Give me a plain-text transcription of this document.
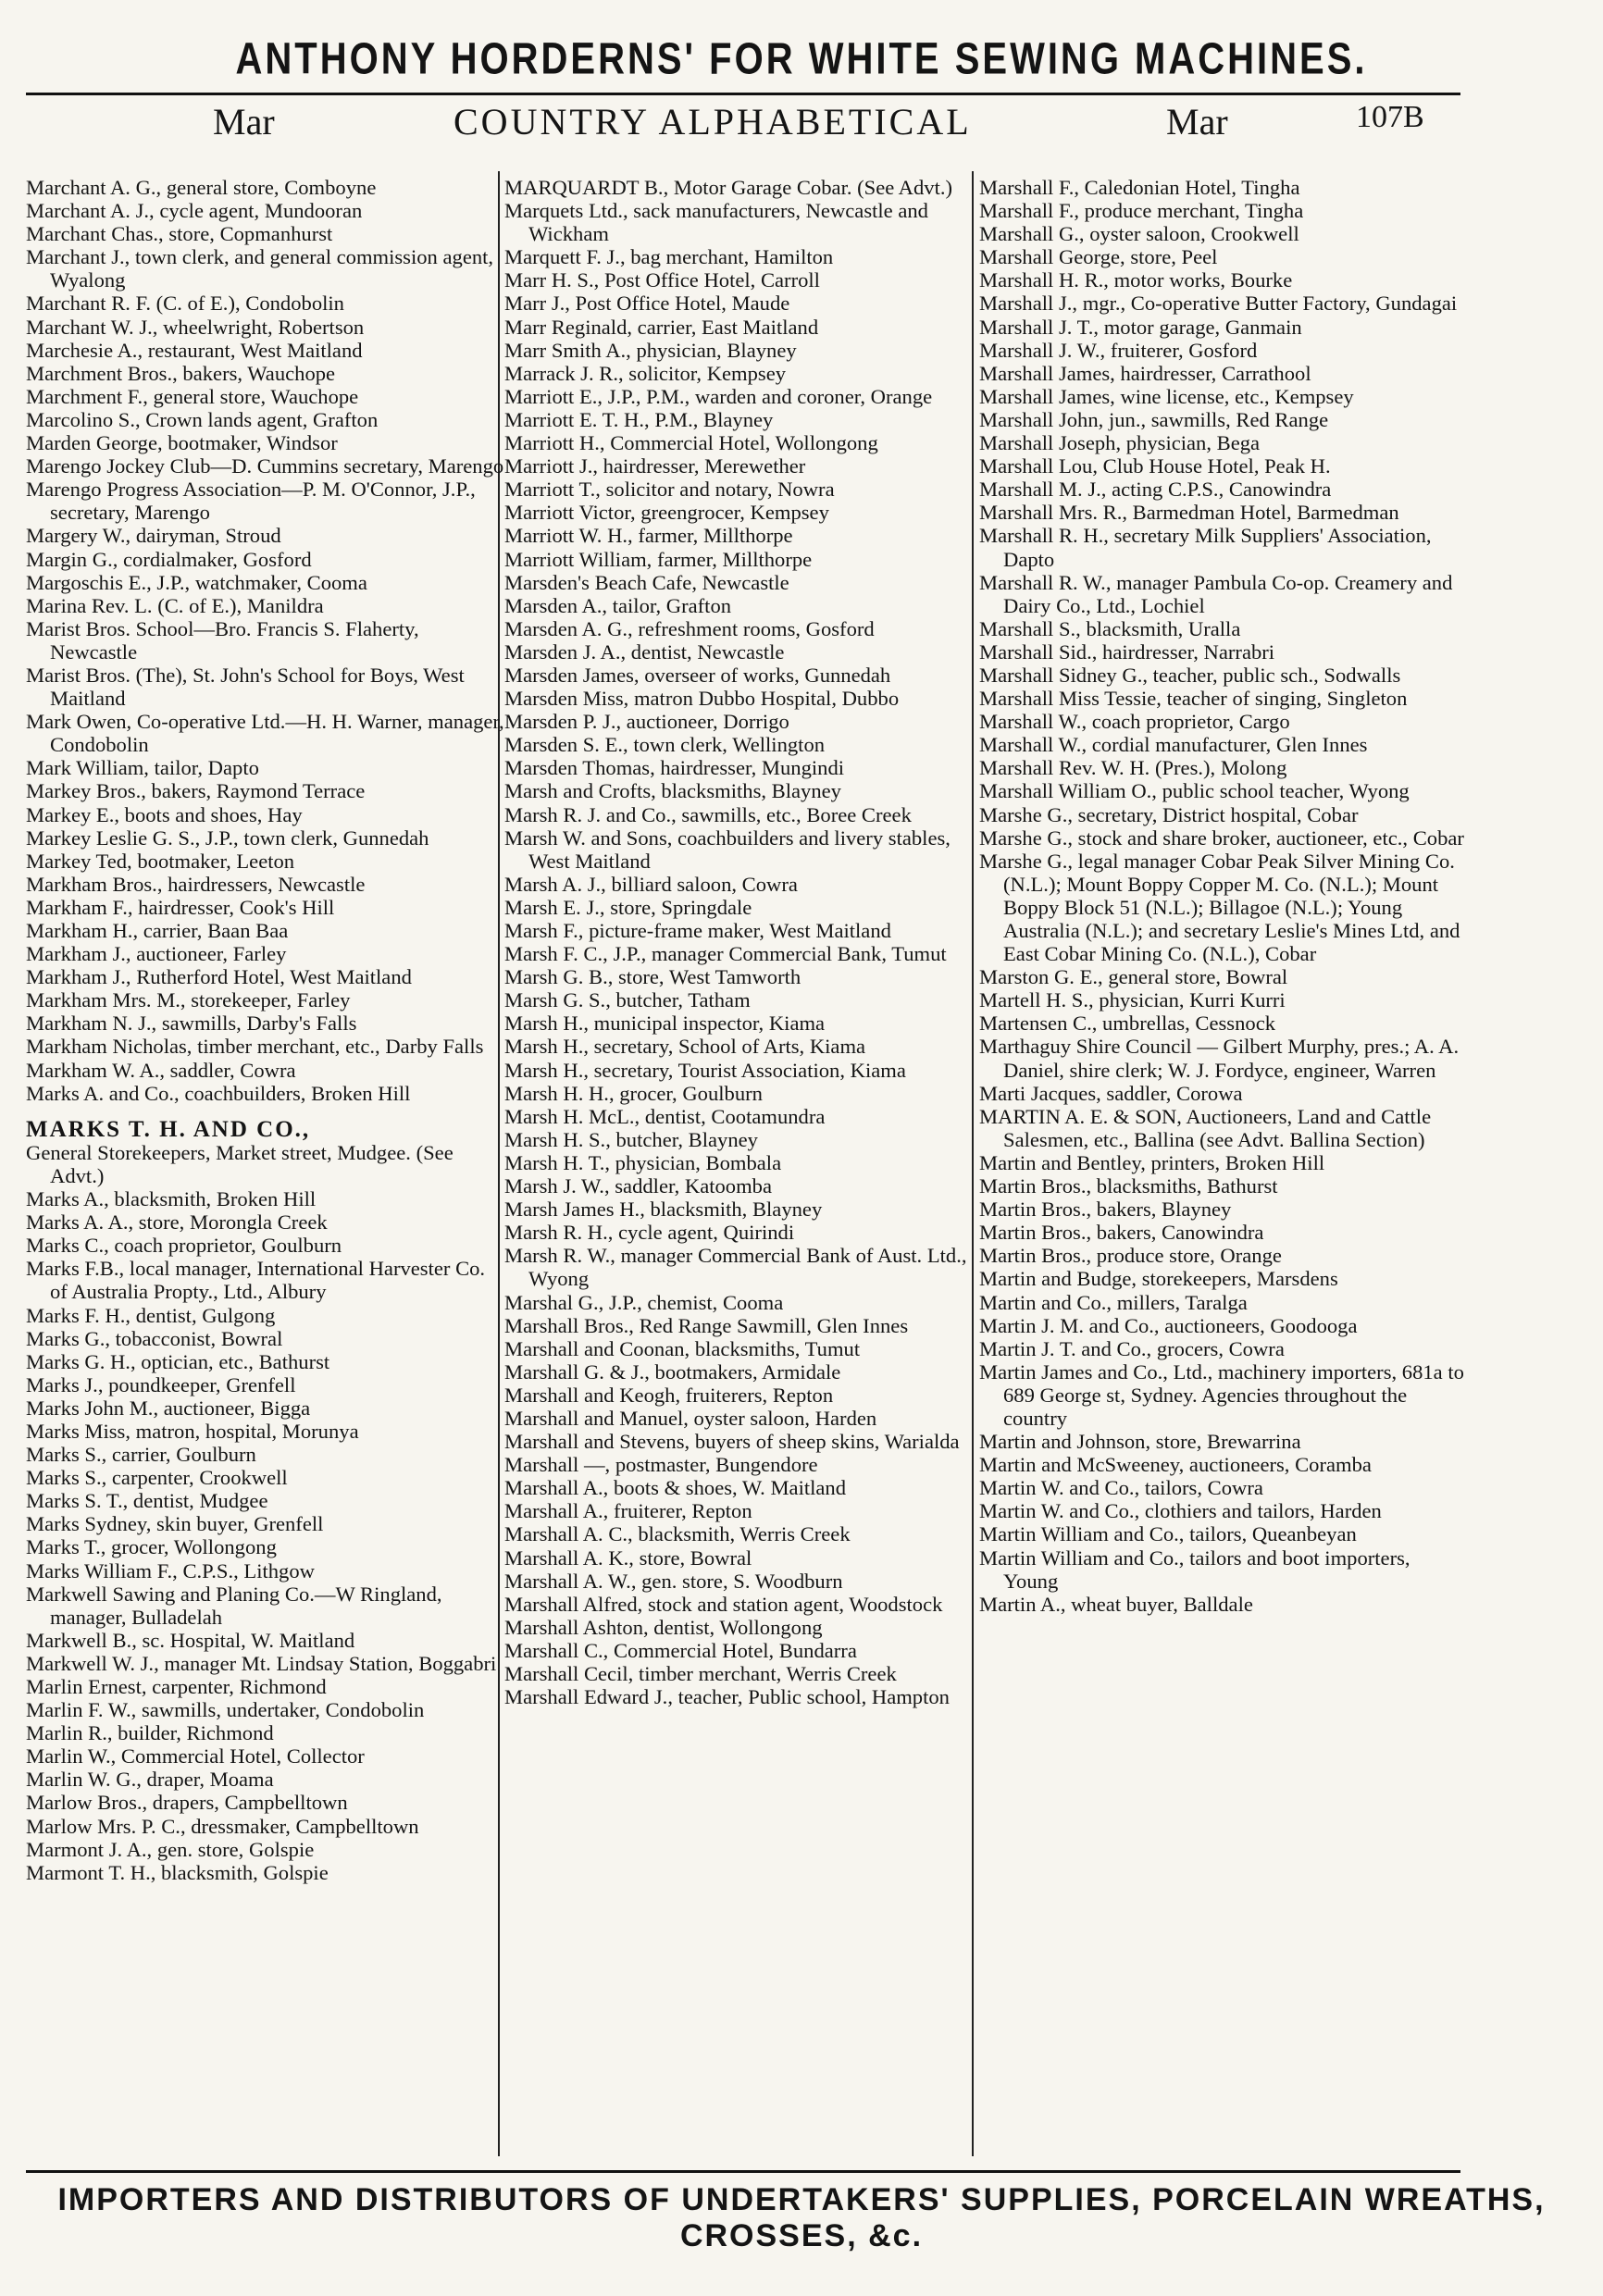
ANTHONY HORDERNS' FOR WHITE SEWING MACHINES.
Mar	COUNTRY ALPHABETICAL	Mar	107B

Marchant A. G., general store, Comboyne

Marchant A. J., cycle agent, Mundooran

Marchant Chas., store, Copmanhurst

Marchant J., town clerk, and general commission agent, Wyalong

Marchant R. F. (C. of E.), Condobolin

Marchant W. J., wheelwright, Robertson

Marchesie A., restaurant, West Maitland

Marchment Bros., bakers, Wauchope

Marchment F., general store, Wauchope

Marcolino S., Crown lands agent, Grafton

Marden George, bootmaker, Windsor

Marengo Jockey Club—D. Cummins secretary, Marengo

Marengo Progress Association—P. M. O'Connor, J.P., secretary, Marengo

Margery W., dairyman, Stroud

Margin G., cordialmaker, Gosford

Margoschis E., J.P., watchmaker, Cooma

Marina Rev. L. (C. of E.), Manildra

Marist Bros. School—Bro. Francis S. Flaherty, Newcastle

Marist Bros. (The), St. John's School for Boys, West Maitland

Mark Owen, Co-operative Ltd.—H. H. Warner, manager, Condobolin

Mark William, tailor, Dapto

Markey Bros., bakers, Raymond Terrace

Markey E., boots and shoes, Hay

Markey Leslie G. S., J.P., town clerk, Gunnedah

Markey Ted, bootmaker, Leeton

Markham Bros., hairdressers, Newcastle

Markham F., hairdresser, Cook's Hill

Markham H., carrier, Baan Baa

Markham J., auctioneer, Farley

Markham J., Rutherford Hotel, West Maitland

Markham Mrs. M., storekeeper, Farley

Markham N. J., sawmills, Darby's Falls

Markham Nicholas, timber merchant, etc., Darby Falls

Markham W. A., saddler, Cowra

Marks A. and Co., coachbuilders, Broken Hill

MARKS T. H. AND CO.,

General Storekeepers, Market street, Mudgee. (See Advt.)

Marks A., blacksmith, Broken Hill

Marks A. A., store, Morongla Creek

Marks C., coach proprietor, Goulburn

Marks F.B., local manager, International Harvester Co. of Australia Propty., Ltd., Albury

Marks F. H., dentist, Gulgong

Marks G., tobacconist, Bowral

Marks G. H., optician, etc., Bathurst

Marks J., poundkeeper, Grenfell

Marks John M., auctioneer, Bigga

Marks Miss, matron, hospital, Morunya

Marks S., carrier, Goulburn

Marks S., carpenter, Crookwell

Marks S. T., dentist, Mudgee

Marks Sydney, skin buyer, Grenfell

Marks T., grocer, Wollongong

Marks William F., C.P.S., Lithgow

Markwell Sawing and Planing Co.—W Ringland, manager, Bulladelah

Markwell B., sc. Hospital, W. Maitland

Markwell W. J., manager Mt. Lindsay Station, Boggabri

Marlin Ernest, carpenter, Richmond

Marlin F. W., sawmills, undertaker, Condobolin

Marlin R., builder, Richmond

Marlin W., Commercial Hotel, Collector

Marlin W. G., draper, Moama

Marlow Bros., drapers, Campbelltown

Marlow Mrs. P. C., dressmaker, Campbelltown

Marmont J. A., gen. store, Golspie

Marmont T. H., blacksmith, Golspie

MARQUARDT B., Motor Garage Cobar. (See Advt.)

Marquets Ltd., sack manufacturers, Newcastle and Wickham

Marquett F. J., bag merchant, Hamilton

Marr H. S., Post Office Hotel, Carroll

Marr J., Post Office Hotel, Maude

Marr Reginald, carrier, East Maitland

Marr Smith A., physician, Blayney

Marrack J. R., solicitor, Kempsey

Marriott E., J.P., P.M., warden and coroner, Orange

Marriott E. T. H., P.M., Blayney

Marriott H., Commercial Hotel, Wollongong

Marriott J., hairdresser, Merewether

Marriott T., solicitor and notary, Nowra

Marriott Victor, greengrocer, Kempsey

Marriott W. H., farmer, Millthorpe

Marriott William, farmer, Millthorpe

Marsden's Beach Cafe, Newcastle

Marsden A., tailor, Grafton

Marsden A. G., refreshment rooms, Gosford

Marsden J. A., dentist, Newcastle

Marsden James, overseer of works, Gunnedah

Marsden Miss, matron Dubbo Hospital, Dubbo

Marsden P. J., auctioneer, Dorrigo

Marsden S. E., town clerk, Wellington

Marsden Thomas, hairdresser, Mungindi

Marsh and Crofts, blacksmiths, Blayney

Marsh R. J. and Co., sawmills, etc., Boree Creek

Marsh W. and Sons, coachbuilders and livery stables, West Maitland

Marsh A. J., billiard saloon, Cowra

Marsh E. J., store, Springdale

Marsh F., picture-frame maker, West Maitland

Marsh F. C., J.P., manager Commercial Bank, Tumut

Marsh G. B., store, West Tamworth

Marsh G. S., butcher, Tatham

Marsh H., municipal inspector, Kiama

Marsh H., secretary, School of Arts, Kiama

Marsh H., secretary, Tourist Association, Kiama

Marsh H. H., grocer, Goulburn

Marsh H. McL., dentist, Cootamundra

Marsh H. S., butcher, Blayney

Marsh H. T., physician, Bombala

Marsh J. W., saddler, Katoomba

Marsh James H., blacksmith, Blayney

Marsh R. H., cycle agent, Quirindi

Marsh R. W., manager Commercial Bank of Aust. Ltd., Wyong

Marshal G., J.P., chemist, Cooma

Marshall Bros., Red Range Sawmill, Glen Innes

Marshall and Coonan, blacksmiths, Tumut

Marshall G. & J., bootmakers, Armidale

Marshall and Keogh, fruiterers, Repton

Marshall and Manuel, oyster saloon, Harden

Marshall and Stevens, buyers of sheep skins, Warialda

Marshall —, postmaster, Bungendore

Marshall A., boots & shoes, W. Maitland

Marshall A., fruiterer, Repton

Marshall A. C., blacksmith, Werris Creek

Marshall A. K., store, Bowral

Marshall A. W., gen. store, S. Woodburn

Marshall Alfred, stock and station agent, Woodstock

Marshall Ashton, dentist, Wollongong

Marshall C., Commercial Hotel, Bundarra

Marshall Cecil, timber merchant, Werris Creek

Marshall Edward J., teacher, Public school, Hampton

Marshall F., Caledonian Hotel, Tingha

Marshall F., produce merchant, Tingha

Marshall G., oyster saloon, Crookwell

Marshall George, store, Peel

Marshall H. R., motor works, Bourke

Marshall J., mgr., Co-operative Butter Factory, Gundagai

Marshall J. T., motor garage, Ganmain

Marshall J. W., fruiterer, Gosford

Marshall James, hairdresser, Carrathool

Marshall James, wine license, etc., Kempsey

Marshall John, jun., sawmills, Red Range

Marshall Joseph, physician, Bega

Marshall Lou, Club House Hotel, Peak H.

Marshall M. J., acting C.P.S., Canowindra

Marshall Mrs. R., Barmedman Hotel, Barmedman

Marshall R. H., secretary Milk Suppliers' Association, Dapto

Marshall R. W., manager Pambula Co-op. Creamery and Dairy Co., Ltd., Lochiel

Marshall S., blacksmith, Uralla

Marshall Sid., hairdresser, Narrabri

Marshall Sidney G., teacher, public sch., Sodwalls

Marshall Miss Tessie, teacher of singing, Singleton

Marshall W., coach proprietor, Cargo

Marshall W., cordial manufacturer, Glen Innes

Marshall Rev. W. H. (Pres.), Molong

Marshall William O., public school teacher, Wyong

Marshe G., secretary, District hospital, Cobar

Marshe G., stock and share broker, auctioneer, etc., Cobar

Marshe G., legal manager Cobar Peak Silver Mining Co. (N.L.); Mount Boppy Copper M. Co. (N.L.); Mount Boppy Block 51 (N.L.); Billagoe (N.L.); Young Australia (N.L.); and secretary Leslie's Mines Ltd, and East Cobar Mining Co. (N.L.), Cobar

Marston G. E., general store, Bowral

Martell H. S., physician, Kurri Kurri

Martensen C., umbrellas, Cessnock

Marthaguy Shire Council — Gilbert Murphy, pres.; A. A. Daniel, shire clerk; W. J. Fordyce, engineer, Warren

Marti Jacques, saddler, Corowa

MARTIN A. E. & SON, Auctioneers, Land and Cattle Salesmen, etc., Ballina (see Advt. Ballina Section)

Martin and Bentley, printers, Broken Hill

Martin Bros., blacksmiths, Bathurst

Martin Bros., bakers, Blayney

Martin Bros., bakers, Canowindra

Martin Bros., produce store, Orange

Martin and Budge, storekeepers, Marsdens

Martin and Co., millers, Taralga

Martin J. M. and Co., auctioneers, Goodooga

Martin J. T. and Co., grocers, Cowra

Martin James and Co., Ltd., machinery importers, 681a to 689 George st, Sydney. Agencies throughout the country

Martin and Johnson, store, Brewarrina

Martin and McSweeney, auctioneers, Coramba

Martin W. and Co., tailors, Cowra

Martin W. and Co., clothiers and tailors, Harden

Martin William and Co., tailors, Queanbeyan

Martin William and Co., tailors and boot importers, Young

Martin A., wheat buyer, Balldale

IMPORTERS AND DISTRIBUTORS OF UNDERTAKERS' SUPPLIES, PORCELAIN WREATHS, CROSSES, &c.
